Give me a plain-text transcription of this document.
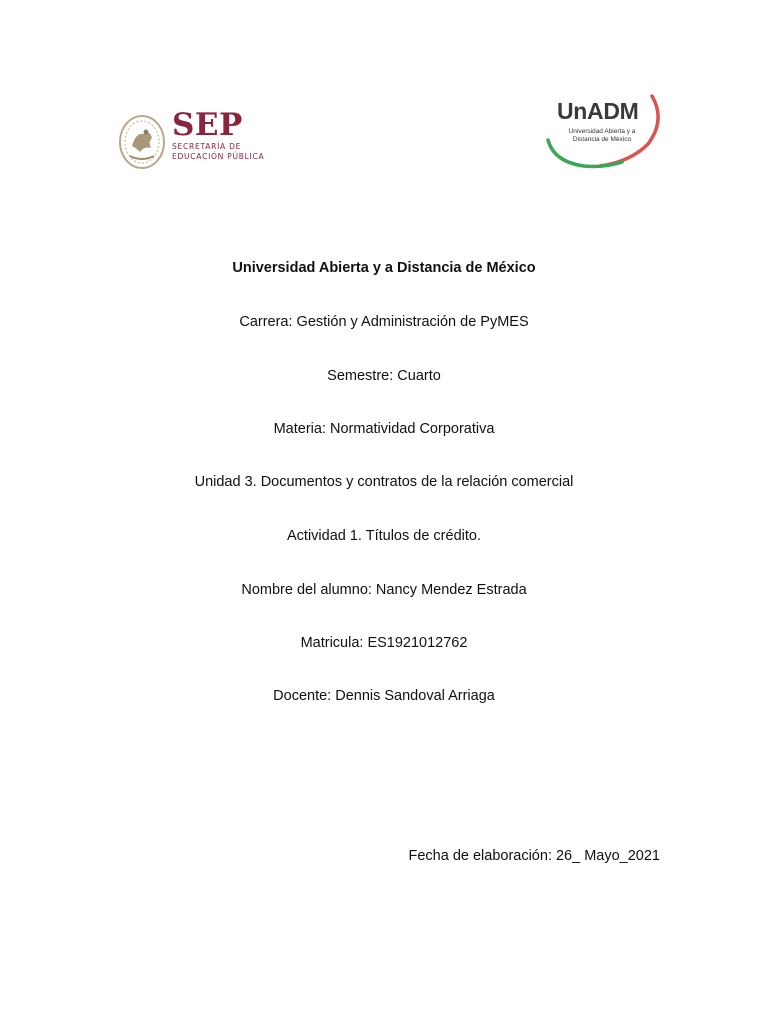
SEP
SECRETARÍA DE
EDUCACIÓN PÚBLICA
UnADM
Universidad Abierta y a
Distancia de México
Universidad Abierta y a Distancia de México
Carrera: Gestión y Administración de PyMES
Semestre: Cuarto
Materia: Normatividad Corporativa
Unidad 3. Documentos y contratos de la relación comercial
Actividad 1. Títulos de crédito.
Nombre del alumno: Nancy Mendez Estrada
Matricula: ES1921012762
Docente: Dennis Sandoval Arriaga
Fecha de elaboración: 26_ Mayo_2021
